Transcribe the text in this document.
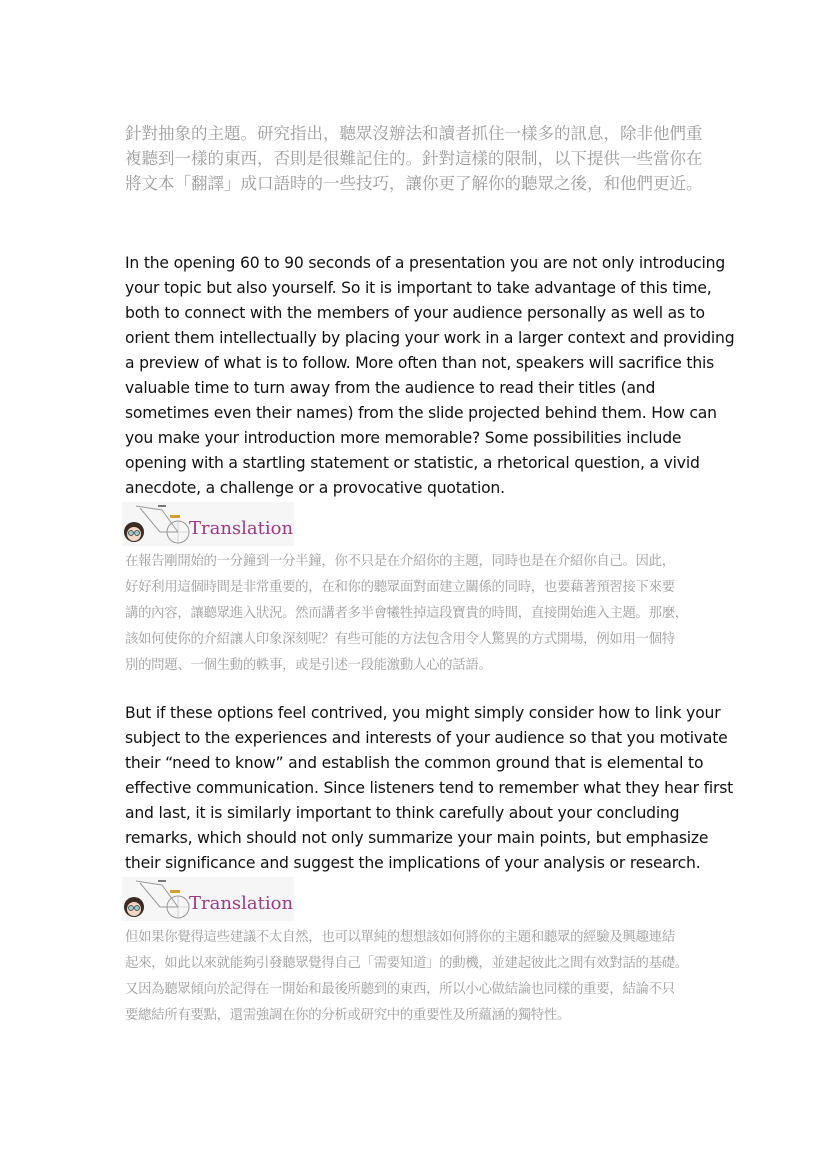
針對抽象的主題。研究指出，聽眾沒辦法和讀者抓住一樣多的訊息，除非他們重
複聽到一樣的東西，否則是很難記住的。針對這樣的限制，以下提供一些當你在
將文本「翻譯」成口語時的一些技巧，讓你更了解你的聽眾之後，和他們更近。
In the opening 60 to 90 seconds of a presentation you are not only introducing
your topic but also yourself. So it is important to take advantage of this time,
both to connect with the members of your audience personally as well as to
orient them intellectually by placing your work in a larger context and providing
a preview of what is to follow. More often than not, speakers will sacrifice this
valuable time to turn away from the audience to read their titles (and
sometimes even their names) from the slide projected behind them. How can
you make your introduction more memorable? Some possibilities include
opening with a startling statement or statistic, a rhetorical question, a vivid
anecdote, a challenge or a provocative quotation.
Translation
在報告剛開始的一分鐘到一分半鐘，你不只是在介紹你的主題，同時也是在介紹你自己。因此，
好好利用這個時間是非常重要的，在和你的聽眾面對面建立關係的同時，也要藉著預習接下來要
講的內容，讓聽眾進入狀況。然而講者多半會犧牲掉這段寶貴的時間，直接開始進入主題。那麼，
該如何使你的介紹讓人印象深刻呢？有些可能的方法包含用令人驚異的方式開場，例如用一個特
別的問題、一個生動的軼事，或是引述一段能激動人心的話語。
But if these options feel contrived, you might simply consider how to link your
subject to the experiences and interests of your audience so that you motivate
their “need to know” and establish the common ground that is elemental to
effective communication. Since listeners tend to remember what they hear first
and last, it is similarly important to think carefully about your concluding
remarks, which should not only summarize your main points, but emphasize
their significance and suggest the implications of your analysis or research.
Translation
但如果你覺得這些建議不太自然，也可以單純的想想該如何將你的主題和聽眾的經驗及興趣連結
起來，如此以來就能夠引發聽眾覺得自己「需要知道」的動機，並建起彼此之間有效對話的基礎。
又因為聽眾傾向於記得在一開始和最後所聽到的東西，所以小心做結論也同樣的重要，結論不只
要總結所有要點，還需強調在你的分析或研究中的重要性及所蘊涵的獨特性。
